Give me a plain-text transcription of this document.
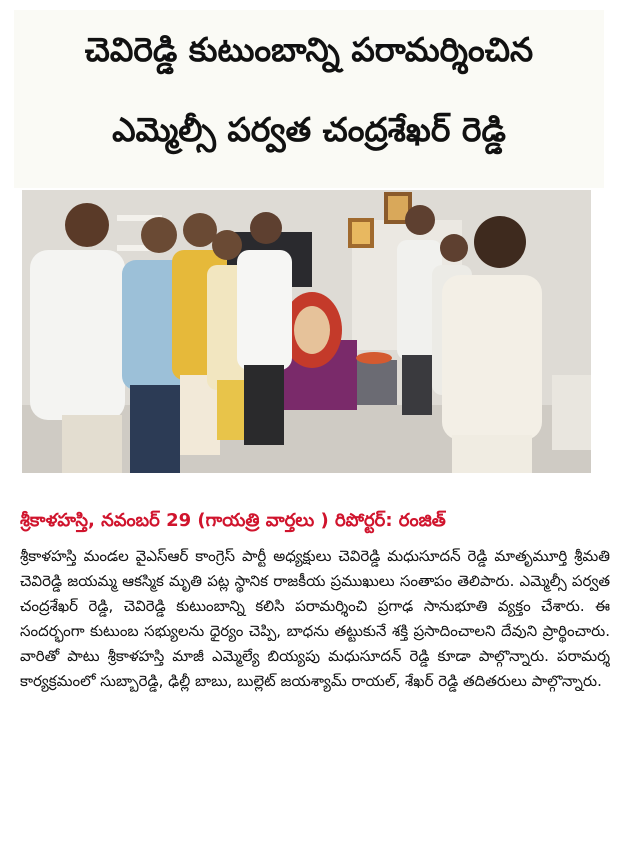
చెవిరెడ్డి కుటుంబాన్ని పరామర్శించిన
ఎమ్మెల్సీ పర్వత చంద్రశేఖర్ రెడ్డి

శ్రీకాళహస్తి, నవంబర్ 29 (గాయత్రి వార్తలు ) రిపోర్టర్: రంజిత్

శ్రీకాళహస్తి మండల వైఎస్ఆర్ కాంగ్రెస్ పార్టీ అధ్యక్షులు చెవిరెడ్డి మధుసూదన్ రెడ్డి మాతృమూర్తి శ్రీమతి చెవిరెడ్డి జయమ్మ ఆకస్మిక మృతి పట్ల స్థానిక రాజకీయ ప్రముఖులు సంతాపం తెలిపారు. ఎమ్మెల్సీ పర్వత చంద్రశేఖర్ రెడ్డి, చెవిరెడ్డి కుటుంబాన్ని కలిసి పరామర్శించి ప్రగాఢ సానుభూతి వ్యక్తం చేశారు. ఈ సందర్భంగా కుటుంబ సభ్యులను ధైర్యం చెప్పి, బాధను తట్టుకునే శక్తి ప్రసాదించాలని దేవుని ప్రార్థించారు. వారితో పాటు శ్రీకాళహస్తి మాజీ ఎమ్మెల్యే బియ్యపు మధుసూదన్ రెడ్డి కూడా పాల్గొన్నారు. పరామర్శ కార్యక్రమంలో సుబ్బారెడ్డి, ఢిల్లీ బాబు, బుల్లెట్ జయశ్యామ్ రాయల్, శేఖర్ రెడ్డి తదితరులు పాల్గొన్నారు.
